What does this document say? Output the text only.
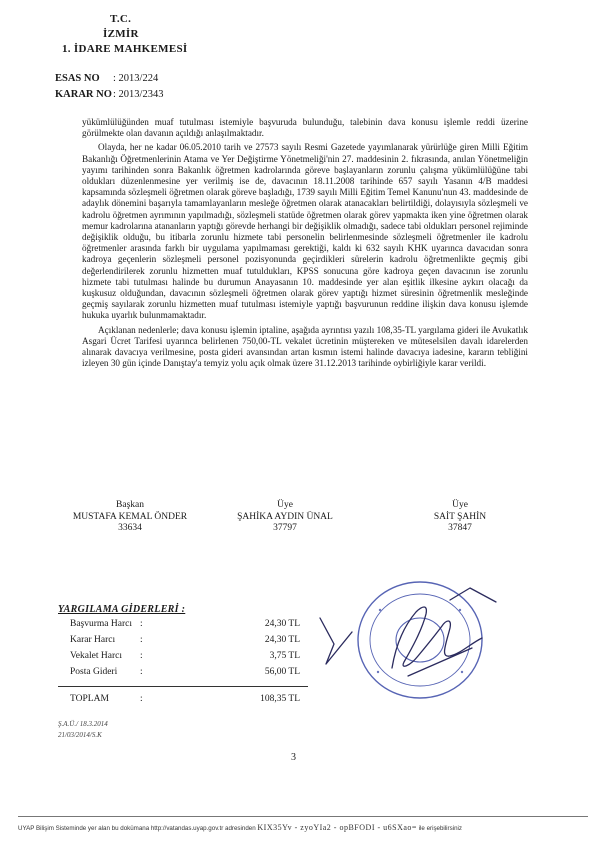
T.C.
İZMİR
1. İDARE MAHKEMESİ
ESAS NO : 2013/224
KARAR NO : 2013/2343

yükümlülüğünden muaf tutulması istemiyle başvuruda bulunduğu, talebinin dava konusu işlemle reddi üzerine görülmekte olan davanın açıldığı anlaşılmaktadır.

Olayda, her ne kadar 06.05.2010 tarih ve 27573 sayılı Resmi Gazetede yayımlanarak yürürlüğe giren Milli Eğitim Bakanlığı Öğretmenlerinin Atama ve Yer Değiştirme Yönetmeliği'nin 27. maddesinin 2. fıkrasında, anılan Yönetmeliğin yayımı tarihinden sonra Bakanlık öğretmen kadrolarında göreve başlayanların zorunlu çalışma yükümlülüğüne tabi oldukları düzenlenmesine yer verilmiş ise de, davacının 18.11.2008 tarihinde 657 sayılı Yasanın 4/B maddesi kapsamında sözleşmeli öğretmen olarak göreve başladığı, 1739 sayılı Milli Eğitim Temel Kanunu'nun 43. maddesinde de adaylık dönemini başarıyla tamamlayanların mesleğe öğretmen olarak atanacakları belirtildiği, dolayısıyla sözleşmeli ve kadrolu öğretmen ayrımının yapılmadığı, sözleşmeli statüde öğretmen olarak görev yapmakta iken yine öğretmen olarak memur kadrolarına atananların yaptığı görevde herhangi bir değişiklik olmadığı, sadece tabi oldukları personel rejiminde değişiklik olduğu, bu itibarla zorunlu hizmete tabi personelin belirlenmesinde sözleşmeli öğretmenler ile kadrolu öğretmenler arasında farklı bir uygulama yapılmaması gerektiği, kaldı ki 632 sayılı KHK uyarınca davacıdan sonra kadroya geçenlerin sözleşmeli personel pozisyonunda geçirdikleri sürelerin kadrolu öğretmenlikte geçmiş gibi değerlendirilerek zorunlu hizmetten muaf tutuldukları, KPSS sonucuna göre kadroya geçen davacının ise zorunlu hizmete tabi tutulması halinde bu durumun Anayasanın 10. maddesinde yer alan eşitlik ilkesine aykırı olacağı da kuşkusuz olduğundan, davacının sözleşmeli öğretmen olarak görev yaptığı hizmet süresinin öğretmenlik mesleğinde geçmiş sayılarak zorunlu hizmetten muaf tutulması istemiyle yaptığı başvurunun reddine ilişkin dava konusu işlemde hukuka uyarlık bulunmamaktadır.

Açıklanan nedenlerle; dava konusu işlemin iptaline, aşağıda ayrıntısı yazılı 108,35-TL yargılama gideri ile Avukatlık Asgari Ücret Tarifesi uyarınca belirlenen 750,00-TL vekalet ücretinin müştereken ve müteselsilen davalı idarelerden alınarak davacıya verilmesine, posta gideri avansından artan kısmın istemi halinde davacıya iadesine, kararın tebliğini izleyen 30 gün içinde Danıştay'a temyiz yolu açık olmak üzere 31.12.2013 tarihinde oybirliğiyle karar verildi.

Başkan
MUSTAFA KEMAL ÖNDER
33634
Üye
ŞAHİKA AYDIN ÜNAL
37797
Üye
SAİT ŞAHİN
37847
YARGILAMA GİDERLERİ :
Başvurma Harcı :	24,30 TL
Karar Harcı	:	24,30 TL
Vekalet Harcı :	3,75 TL
Posta Gideri :	56,00 TL
TOPLAM	:	108,35 TL
Ş.A.Ü./ 18.3.2014
21/03/2014/S.K
3
UYAP Bilişim Sisteminde yer alan bu dokümana http://vatandas.uyap.gov.tr adresinden KIX35Yv - zyoYIa2 - opBFODI - u6SXao= ile erişebilirsiniz
